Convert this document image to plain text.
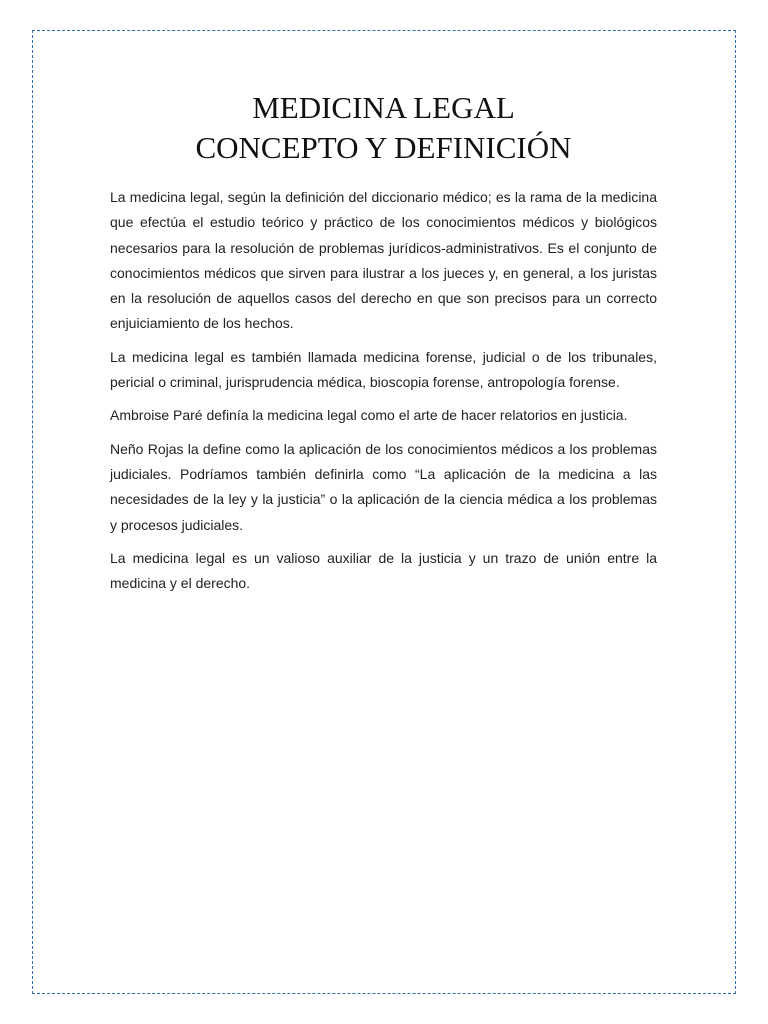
MEDICINA LEGAL
CONCEPTO Y DEFINICIÓN

La medicina legal, según la definición del diccionario médico; es la rama de la medicina que efectúa el estudio teórico y práctico de los conocimientos médicos y biológicos necesarios para la resolución de problemas jurídicos-administrativos. Es el conjunto de conocimientos médicos que sirven para ilustrar a los jueces y, en general, a los juristas en la resolución de aquellos casos del derecho en que son precisos para un correcto enjuiciamiento de los hechos.

La medicina legal es también llamada medicina forense, judicial o de los tribunales, pericial o criminal, jurisprudencia médica, bioscopia forense, antropología forense.

Ambroise Paré definía la medicina legal como el arte de hacer relatorios en justicia.

Neño Rojas la define como la aplicación de los conocimientos médicos a los problemas judiciales. Podríamos también definirla como “La aplicación de la medicina a las necesidades de la ley y la justicia” o la aplicación de la ciencia médica a los problemas y procesos judiciales.

La medicina legal es un valioso auxiliar de la justicia y un trazo de unión entre la medicina y el derecho.
